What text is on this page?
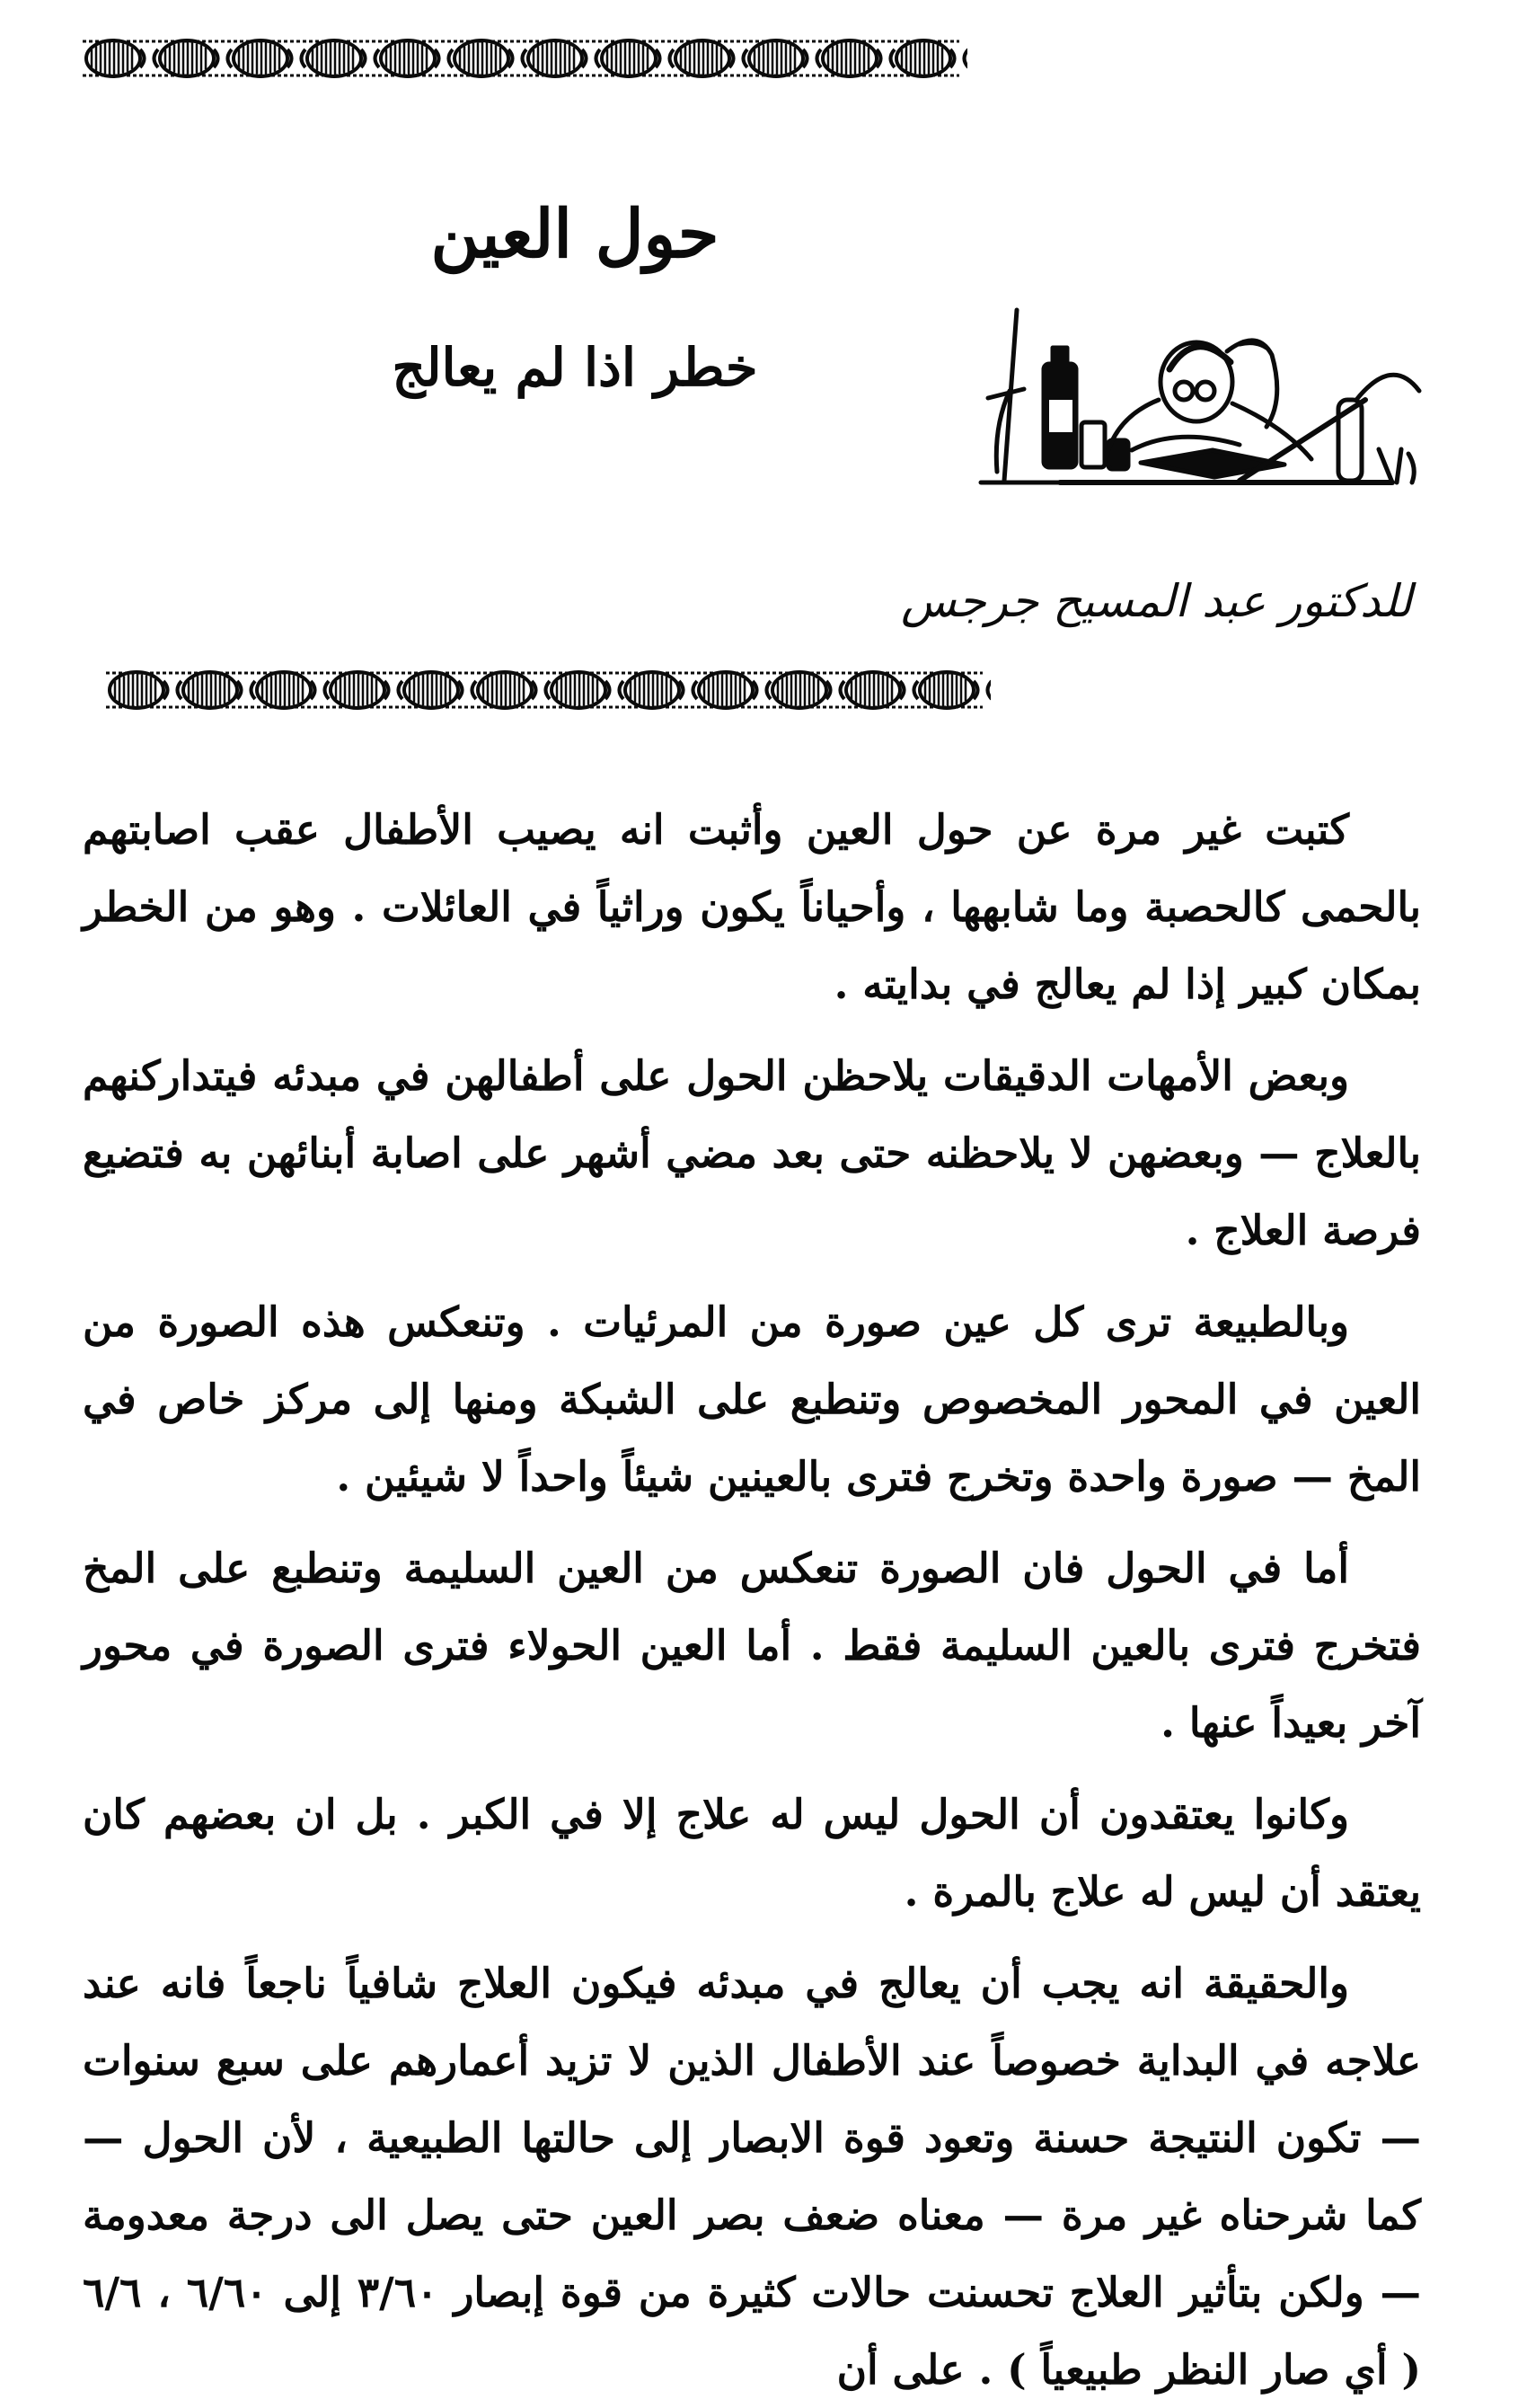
حول العين
خطر اذا لم يعالج
للدكتور عبد المسيح جرجس

كتبت غير مرة عن حول العين وأثبت انه يصيب الأطفال عقب اصابتهم بالحمى كالحصبة وما شابهها ، وأحياناً يكون وراثياً في العائلات . وهو من الخطر بمكان كبير إذا لم يعالج في بدايته .

وبعض الأمهات الدقيقات يلاحظن الحول على أطفالهن في مبدئه فيتداركنهم بالعلاج — وبعضهن لا يلاحظنه حتى بعد مضي أشهر على اصابة أبنائهن به فتضيع فرصة العلاج .

وبالطبيعة ترى كل عين صورة من المرئيات . وتنعكس هذه الصورة من العين في المحور المخصوص وتنطبع على الشبكة ومنها إلى مركز خاص في المخ — صورة واحدة وتخرج فترى بالعينين شيئاً واحداً لا شيئين .

أما في الحول فان الصورة تنعكس من العين السليمة وتنطبع على المخ فتخرج فترى بالعين السليمة فقط . أما العين الحولاء فترى الصورة في محور آخر بعيداً عنها .

وكانوا يعتقدون أن الحول ليس له علاج إلا في الكبر . بل ان بعضهم كان يعتقد أن ليس له علاج بالمرة .

والحقيقة انه يجب أن يعالج في مبدئه فيكون العلاج شافياً ناجعاً فانه عند علاجه في البداية خصوصاً عند الأطفال الذين لا تزيد أعمارهم على سبع سنوات — تكون النتيجة حسنة وتعود قوة الابصار إلى حالتها الطبيعية ، لأن الحول — كما شرحناه غير مرة — معناه ضعف بصر العين حتى يصل الى درجة معدومة — ولكن بتأثير العلاج تحسنت حالات كثيرة من قوة إبصار ٣/٦٠ إلى ٦/٦٠ ، ٦/٦ ( أي صار النظر طبيعياً ) . على أن
